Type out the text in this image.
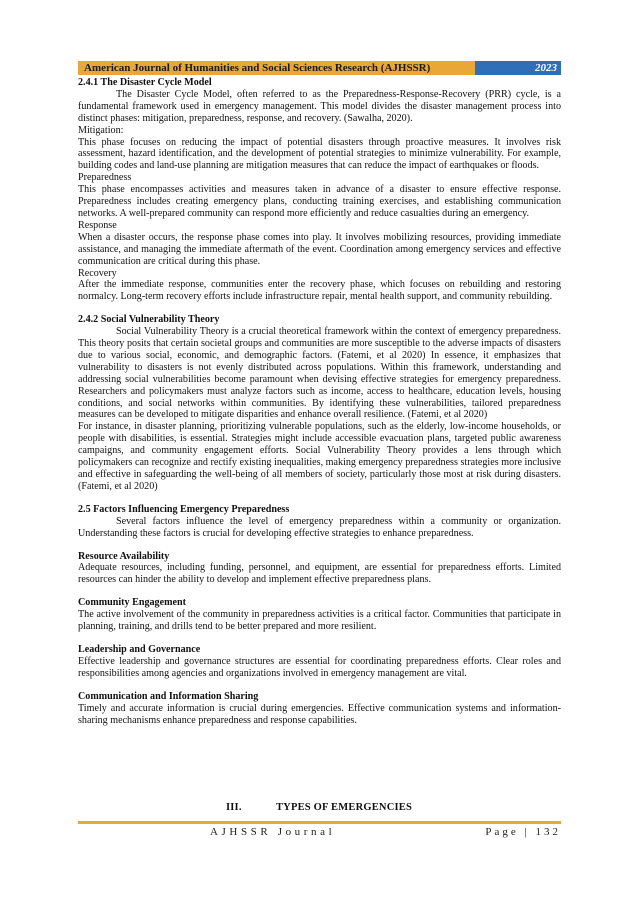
American Journal of Humanities and Social Sciences Research (AJHSSR)	2023

2.4.1 The Disaster Cycle Model

The Disaster Cycle Model, often referred to as the Preparedness-Response-Recovery (PRR) cycle, is a fundamental framework used in emergency management. This model divides the disaster management process into distinct phases: mitigation, preparedness, response, and recovery. (Sawalha, 2020).

Mitigation:

This phase focuses on reducing the impact of potential disasters through proactive measures. It involves risk assessment, hazard identification, and the development of potential strategies to minimize vulnerability. For example, building codes and land-use planning are mitigation measures that can reduce the impact of earthquakes or floods.

Preparedness

This phase encompasses activities and measures taken in advance of a disaster to ensure effective response. Preparedness includes creating emergency plans, conducting training exercises, and establishing communication networks. A well-prepared community can respond more efficiently and reduce casualties during an emergency.

Response

When a disaster occurs, the response phase comes into play. It involves mobilizing resources, providing immediate assistance, and managing the immediate aftermath of the event. Coordination among emergency services and effective communication are critical during this phase.

Recovery

After the immediate response, communities enter the recovery phase, which focuses on rebuilding and restoring normalcy. Long-term recovery efforts include infrastructure repair, mental health support, and community rebuilding.

2.4.2 Social Vulnerability Theory

Social Vulnerability Theory is a crucial theoretical framework within the context of emergency preparedness. This theory posits that certain societal groups and communities are more susceptible to the adverse impacts of disasters due to various social, economic, and demographic factors. (Fatemi, et al 2020) In essence, it emphasizes that vulnerability to disasters is not evenly distributed across populations. Within this framework, understanding and addressing social vulnerabilities become paramount when devising effective strategies for emergency preparedness. Researchers and policymakers must analyze factors such as income, access to healthcare, education levels, housing conditions, and social networks within communities. By identifying these vulnerabilities, tailored preparedness measures can be developed to mitigate disparities and enhance overall resilience. (Fatemi, et al 2020)

For instance, in disaster planning, prioritizing vulnerable populations, such as the elderly, low-income households, or people with disabilities, is essential. Strategies might include accessible evacuation plans, targeted public awareness campaigns, and community engagement efforts. Social Vulnerability Theory provides a lens through which policymakers can recognize and rectify existing inequalities, making emergency preparedness strategies more inclusive and effective in safeguarding the well-being of all members of society, particularly those most at risk during disasters. (Fatemi, et al 2020)

2.5 Factors Influencing Emergency Preparedness

Several factors influence the level of emergency preparedness within a community or organization. Understanding these factors is crucial for developing effective strategies to enhance preparedness.

Resource Availability

Adequate resources, including funding, personnel, and equipment, are essential for preparedness efforts. Limited resources can hinder the ability to develop and implement effective preparedness plans.

Community Engagement

The active involvement of the community in preparedness activities is a critical factor. Communities that participate in planning, training, and drills tend to be better prepared and more resilient.

Leadership and Governance

Effective leadership and governance structures are essential for coordinating preparedness efforts. Clear roles and responsibilities among agencies and organizations involved in emergency management are vital.

Communication and Information Sharing

Timely and accurate information is crucial during emergencies. Effective communication systems and information-sharing mechanisms enhance preparedness and response capabilities.

III.	TYPES OF EMERGENCIES
AJHSSR Journal	Page | 132
